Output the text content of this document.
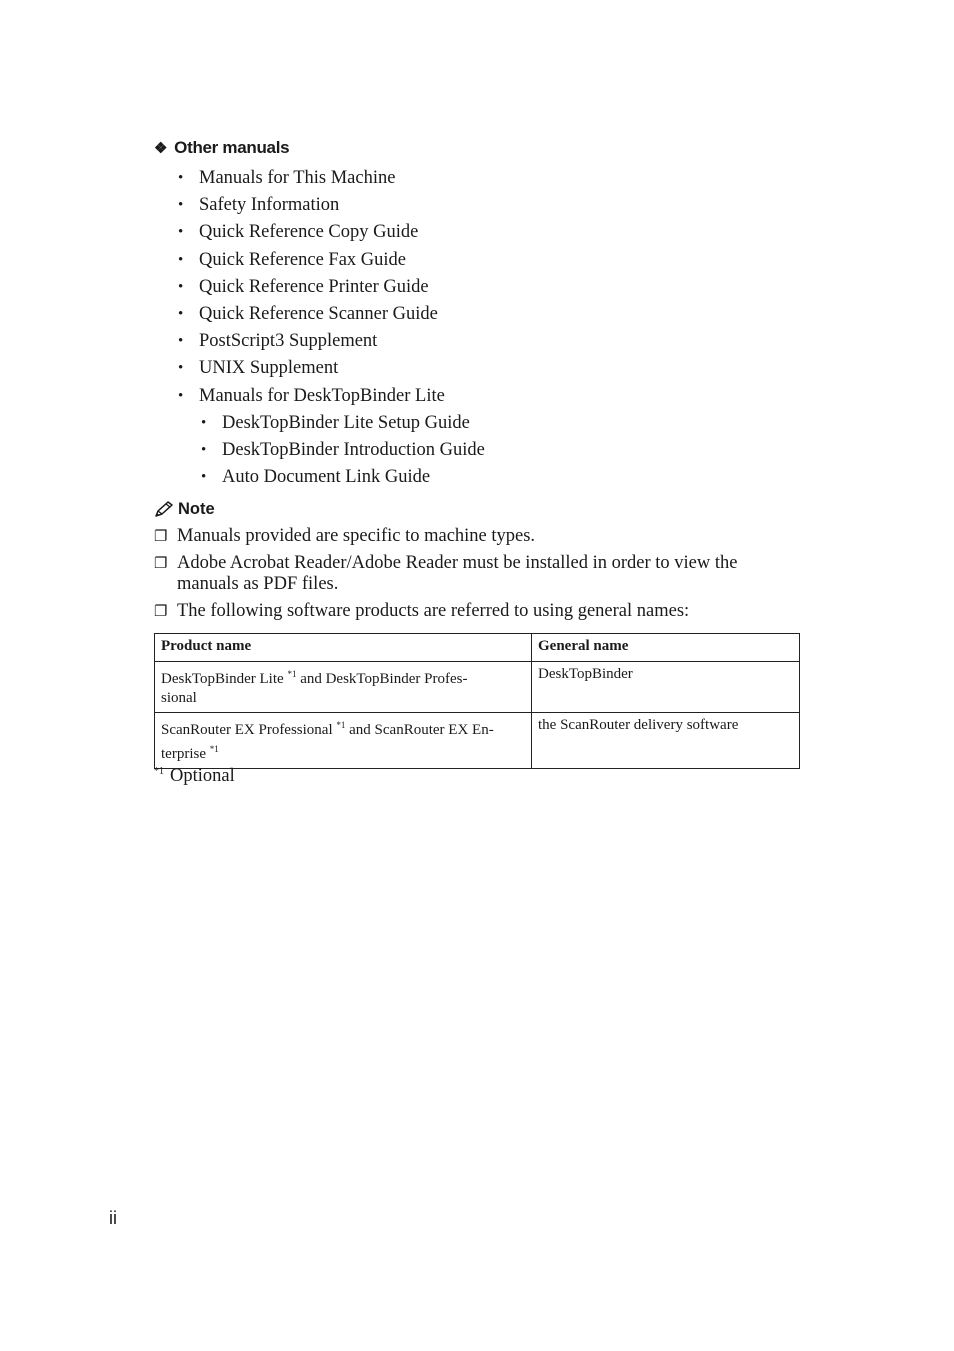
❖ Other manuals
• Manuals for This Machine
• Safety Information
• Quick Reference Copy Guide
• Quick Reference Fax Guide
• Quick Reference Printer Guide
• Quick Reference Scanner Guide
• PostScript3 Supplement
• UNIX Supplement
• Manuals for DeskTopBinder Lite
• DeskTopBinder Lite Setup Guide
• DeskTopBinder Introduction Guide
• Auto Document Link Guide
Note
❐ Manuals provided are specific to machine types.
❐ Adobe Acrobat Reader/Adobe Reader must be installed in order to view the manuals as PDF files.
❐ The following software products are referred to using general names:
Product name	General name
DeskTopBinder Lite $^{*1}$ and DeskTopBinder Profes-
sional	DeskTopBinder
ScanRouter EX Professional $^{*1}$ and ScanRouter EX En-
terprise $^{*1}$	the ScanRouter delivery software
$^{*1}$ Optional
ii
